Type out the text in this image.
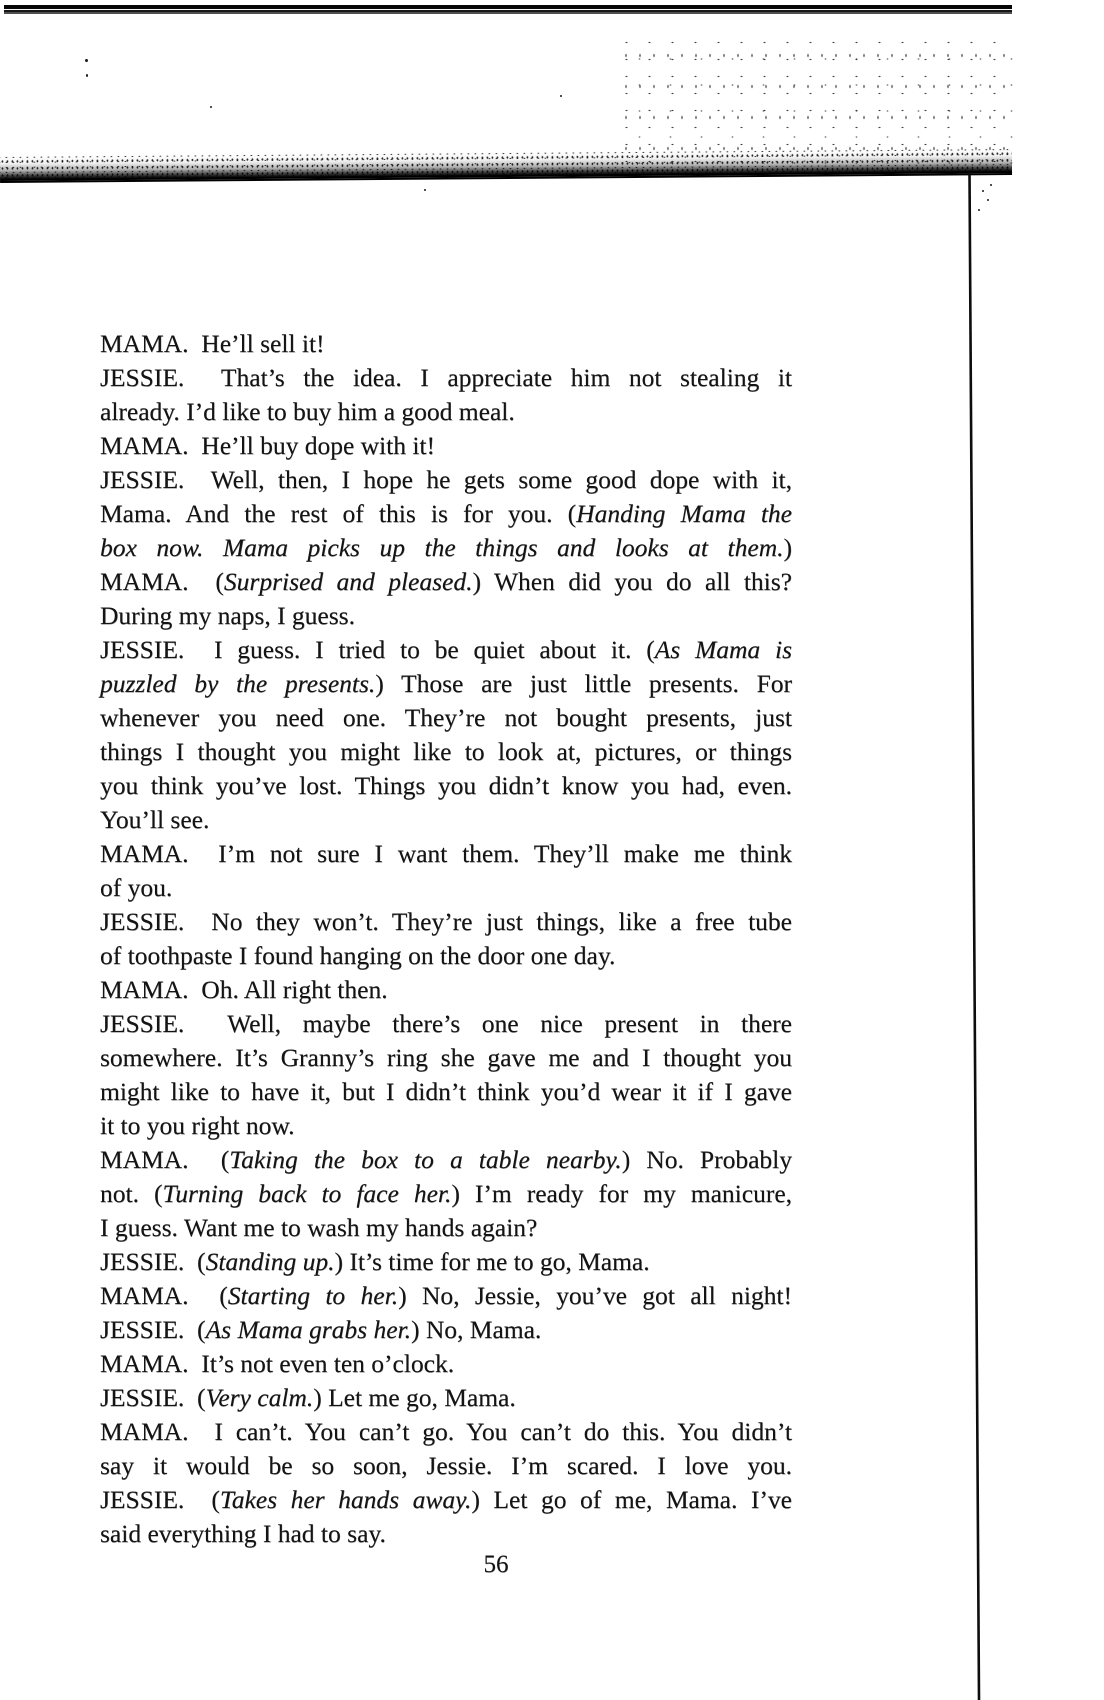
MAMA.  He’ll sell it!
JESSIE.  That’s the idea. I appreciate him not stealing it
already. I’d like to buy him a good meal.
MAMA.  He’ll buy dope with it!
JESSIE.  Well, then, I hope he gets some good dope with it,
Mama. And the rest of this is for you. (Handing Mama the
box now. Mama picks up the things and looks at them.)
MAMA.  (Surprised and pleased.) When did you do all this?
During my naps, I guess.
JESSIE.  I guess. I tried to be quiet about it. (As Mama is
puzzled by the presents.) Those are just little presents. For
whenever you need one. They’re not bought presents, just
things I thought you might like to look at, pictures, or things
you think you’ve lost. Things you didn’t know you had, even.
You’ll see.
MAMA.  I’m not sure I want them. They’ll make me think
of you.
JESSIE.  No they won’t. They’re just things, like a free tube
of toothpaste I found hanging on the door one day.
MAMA.  Oh. All right then.
JESSIE.  Well, maybe there’s one nice present in there
somewhere. It’s Granny’s ring she gave me and I thought you
might like to have it, but I didn’t think you’d wear it if I gave
it to you right now.
MAMA.  (Taking the box to a table nearby.) No. Probably
not. (Turning back to face her.) I’m ready for my manicure,
I guess. Want me to wash my hands again?
JESSIE.  (Standing up.) It’s time for me to go, Mama.
MAMA.  (Starting to her.) No, Jessie, you’ve got all night!
JESSIE.  (As Mama grabs her.) No, Mama.
MAMA.  It’s not even ten o’clock.
JESSIE.  (Very calm.) Let me go, Mama.
MAMA.  I can’t. You can’t go. You can’t do this. You didn’t
say it would be so soon, Jessie. I’m scared. I love you.
JESSIE.  (Takes her hands away.) Let go of me, Mama. I’ve
said everything I had to say.
56
